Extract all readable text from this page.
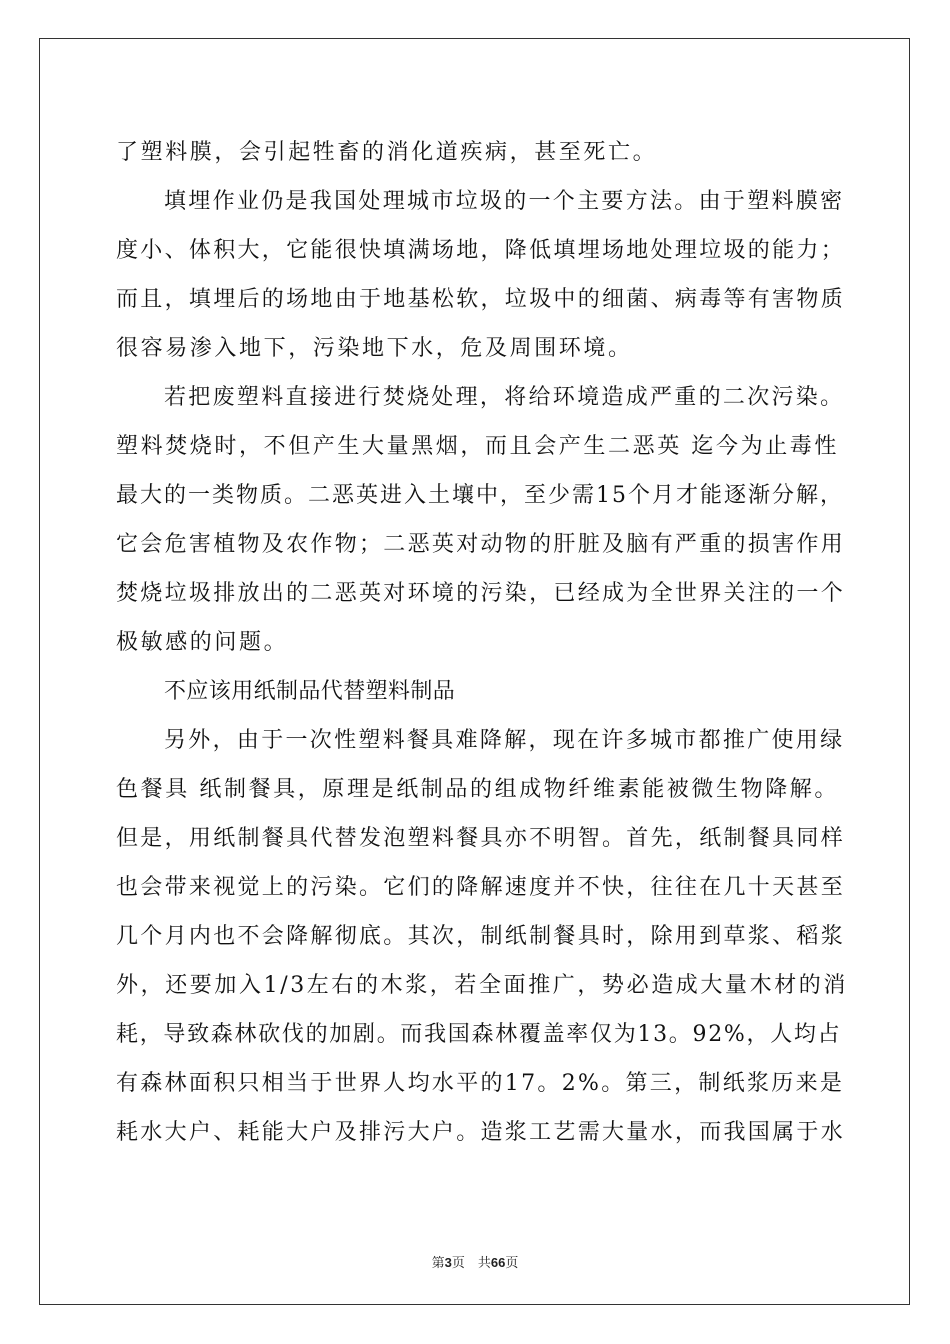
了塑料膜，会引起牲畜的消化道疾病，甚至死亡。
填埋作业仍是我国处理城市垃圾的一个主要方法。由于塑料膜密
度小、体积大，它能很快填满场地，降低填埋场地处理垃圾的能力；
而且，填埋后的场地由于地基松软，垃圾中的细菌、病毒等有害物质
很容易渗入地下，污染地下水，危及周围环境。
若把废塑料直接进行焚烧处理，将给环境造成严重的二次污染。
塑料焚烧时，不但产生大量黑烟，而且会产生二恶英 迄今为止毒性
最大的一类物质。二恶英进入土壤中，至少需15个月才能逐渐分解，
它会危害植物及农作物；二恶英对动物的肝脏及脑有严重的损害作用
焚烧垃圾排放出的二恶英对环境的污染，已经成为全世界关注的一个
极敏感的问题。
不应该用纸制品代替塑料制品
另外，由于一次性塑料餐具难降解，现在许多城市都推广使用绿
色餐具 纸制餐具，原理是纸制品的组成物纤维素能被微生物降解。
但是，用纸制餐具代替发泡塑料餐具亦不明智。首先，纸制餐具同样
也会带来视觉上的污染。它们的降解速度并不快，往往在几十天甚至
几个月内也不会降解彻底。其次，制纸制餐具时，除用到草浆、稻浆
外，还要加入1/3左右的木浆，若全面推广，势必造成大量木材的消
耗，导致森林砍伐的加剧。而我国森林覆盖率仅为13。92%，人均占
有森林面积只相当于世界人均水平的17。2%。第三，制纸浆历来是
耗水大户、耗能大户及排污大户。造浆工艺需大量水，而我国属于水
第3页　共66页
